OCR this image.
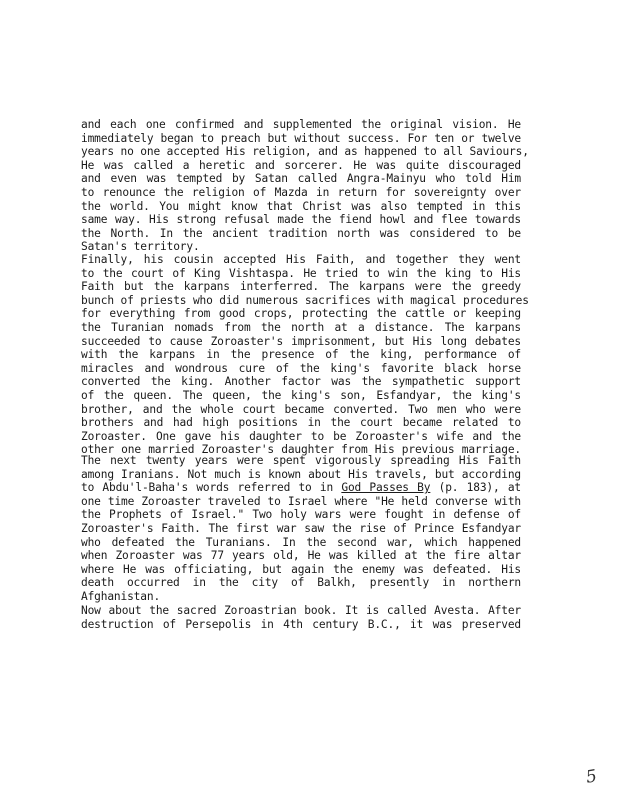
and each one confirmed and supplemented the original vision. He
immediately began to preach but without success. For ten or twelve
years no one accepted His religion, and as happened to all Saviours,
He was called a heretic and sorcerer. He was quite discouraged
and even was tempted by Satan called Angra-Mainyu who told Him
to renounce the religion of Mazda in return for sovereignty over
the world. You might know that Christ was also tempted in this
same way. His strong refusal made the fiend howl and flee towards
the North. In the ancient tradition north was considered to be
Satan's territory.
Finally, his cousin accepted His Faith, and together they went
to the court of King Vishtaspa. He tried to win the king to His
Faith but the karpans interferred. The karpans were the greedy
bunch of priests who did numerous sacrifices with magical procedures
for everything from good crops, protecting the cattle or keeping
the Turanian nomads from the north at a distance. The karpans
succeeded to cause Zoroaster's imprisonment, but His long debates
with the karpans in the presence of the king, performance of
miracles and wondrous cure of the king's favorite black horse
converted the king. Another factor was the sympathetic support
of the queen. The queen, the king's son, Esfandyar, the king's
brother, and the whole court became converted. Two men who were
brothers and had high positions in the court became related to
Zoroaster. One gave his daughter to be Zoroaster's wife and the
other one married Zoroaster's daughter from His previous marriage.
The next twenty years were spent vigorously spreading His Faith
among Iranians. Not much is known about His travels, but according
to Abdu'l-Baha's words referred to in God Passes By (p. 183), at
one time Zoroaster traveled to Israel where "He held converse with
the Prophets of Israel." Two holy wars were fought in defense of
Zoroaster's Faith. The first war saw the rise of Prince Esfandyar
who defeated the Turanians. In the second war, which happened
when Zoroaster was 77 years old, He was killed at the fire altar
where He was officiating, but again the enemy was defeated. His
death occurred in the city of Balkh, presently in northern
Afghanistan.
Now about the sacred Zoroastrian book. It is called Avesta. After
destruction of Persepolis in 4th century B.C., it was preserved
5
